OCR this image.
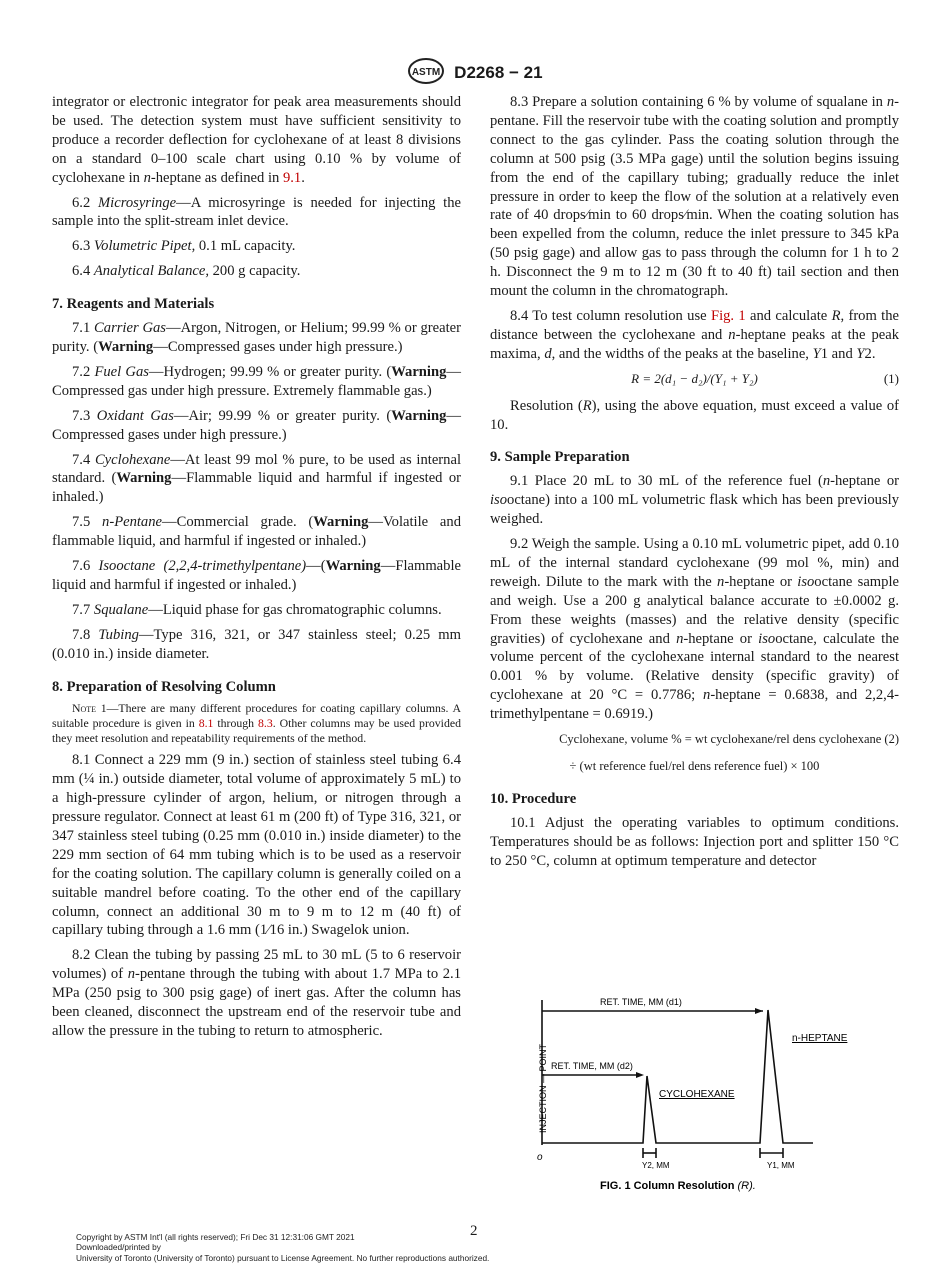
ASTM D2268 − 21

integrator or electronic integrator for peak area measurements should be used. The detection system must have sufficient sensitivity to produce a recorder deflection for cyclohexane of at least 8 divisions on a standard 0–100 scale chart using 0.10 % by volume of cyclohexane in n-heptane as defined in 9.1.

6.2 Microsyringe—A microsyringe is needed for injecting the sample into the split-stream inlet device.

6.3 Volumetric Pipet, 0.1 mL capacity.

6.4 Analytical Balance, 200 g capacity.

7. Reagents and Materials

7.1 Carrier Gas—Argon, Nitrogen, or Helium; 99.99 % or greater purity. (Warning—Compressed gases under high pressure.)

7.2 Fuel Gas—Hydrogen; 99.99 % or greater purity. (Warning—Compressed gas under high pressure. Extremely flammable gas.)

7.3 Oxidant Gas—Air; 99.99 % or greater purity. (Warning—Compressed gases under high pressure.)

7.4 Cyclohexane—At least 99 mol % pure, to be used as internal standard. (Warning—Flammable liquid and harmful if ingested or inhaled.)

7.5 n-Pentane—Commercial grade. (Warning—Volatile and flammable liquid, and harmful if ingested or inhaled.)

7.6 Isooctane (2,2,4-trimethylpentane)—(Warning—Flammable liquid and harmful if ingested or inhaled.)

7.7 Squalane—Liquid phase for gas chromatographic columns.

7.8 Tubing—Type 316, 321, or 347 stainless steel; 0.25 mm (0.010 in.) inside diameter.

8. Preparation of Resolving Column

Note 1—There are many different procedures for coating capillary columns. A suitable procedure is given in 8.1 through 8.3. Other columns may be used provided they meet resolution and repeatability requirements of the method.

8.1 Connect a 229 mm (9 in.) section of stainless steel tubing 6.4 mm (¼ in.) outside diameter, total volume of approximately 5 mL) to a high-pressure cylinder of argon, helium, or nitrogen through a pressure regulator. Connect at least 61 m (200 ft) of Type 316, 321, or 347 stainless steel tubing (0.25 mm (0.010 in.) inside diameter) to the 229 mm section of 64 mm tubing which is to be used as a reservoir for the coating solution. The capillary column is generally coiled on a suitable mandrel before coating. To the other end of the capillary column, connect an additional 30 m to 9 m to 12 m (40 ft) of capillary tubing through a 1.6 mm (1⁄16 in.) Swagelok union.

8.2 Clean the tubing by passing 25 mL to 30 mL (5 to 6 reservoir volumes) of n-pentane through the tubing with about 1.7 MPa to 2.1 MPa (250 psig to 300 psig gage) of inert gas. After the column has been cleaned, disconnect the upstream end of the reservoir tube and allow the pressure in the tubing to return to atmospheric.

8.3 Prepare a solution containing 6 % by volume of squalane in n-pentane. Fill the reservoir tube with the coating solution and promptly connect to the gas cylinder. Pass the coating solution through the column at 500 psig (3.5 MPa gage) until the solution begins issuing from the end of the capillary tubing; gradually reduce the inlet pressure in order to keep the flow of the solution at a relatively even rate of 40 drops⁄min to 60 drops⁄min. When the coating solution has been expelled from the column, reduce the inlet pressure to 345 kPa (50 psig gage) and allow gas to pass through the column for 1 h to 2 h. Disconnect the 9 m to 12 m (30 ft to 40 ft) tail section and then mount the column in the chromatograph.

8.4 To test column resolution use Fig. 1 and calculate R, from the distance between the cyclohexane and n-heptane peaks at the peak maxima, d, and the widths of the peaks at the baseline, Y1 and Y2.

R = 2(d₁ − d₂)/(Y₁ + Y₂)	(1)

Resolution (R), using the above equation, must exceed a value of 10.

9. Sample Preparation

9.1 Place 20 mL to 30 mL of the reference fuel (n-heptane or isooctane) into a 100 mL volumetric flask which has been previously weighed.

9.2 Weigh the sample. Using a 0.10 mL volumetric pipet, add 0.10 mL of the internal standard cyclohexane (99 mol %, min) and reweigh. Dilute to the mark with the n-heptane or isooctane sample and weigh. Use a 200 g analytical balance accurate to ±0.0002 g. From these weights (masses) and the relative density (specific gravities) of cyclohexane and n-heptane or isooctane, calculate the volume percent of the cyclohexane internal standard to the nearest 0.001 % by volume. (Relative density (specific gravity) of cyclohexane at 20 °C = 0.7786; n-heptane = 0.6838, and 2,2,4-trimethylpentane = 0.6919.)

Cyclohexane, volume % = wt cyclohexane/rel dens cyclohexane (2)
÷ (wt reference fuel/rel dens reference fuel) × 100
10. Procedure

10.1 Adjust the operating variables to optimum conditions. Temperatures should be as follows: Injection port and splitter 150 °C to 250 °C, column at optimum temperature and detector

RET. TIME, MM (d1)
RET. TIME, MM (d2)
INJECTION — POINT
o
n-HEPTANE
CYCLOHEXANE
Y2, MM	Y1, MM
FIG. 1 Column Resolution (R).
2
Copyright by ASTM Int'l (all rights reserved); Fri Dec 31 12:31:06 GMT 2021
Downloaded/printed by
University of Toronto (University of Toronto) pursuant to License Agreement. No further reproductions authorized.
